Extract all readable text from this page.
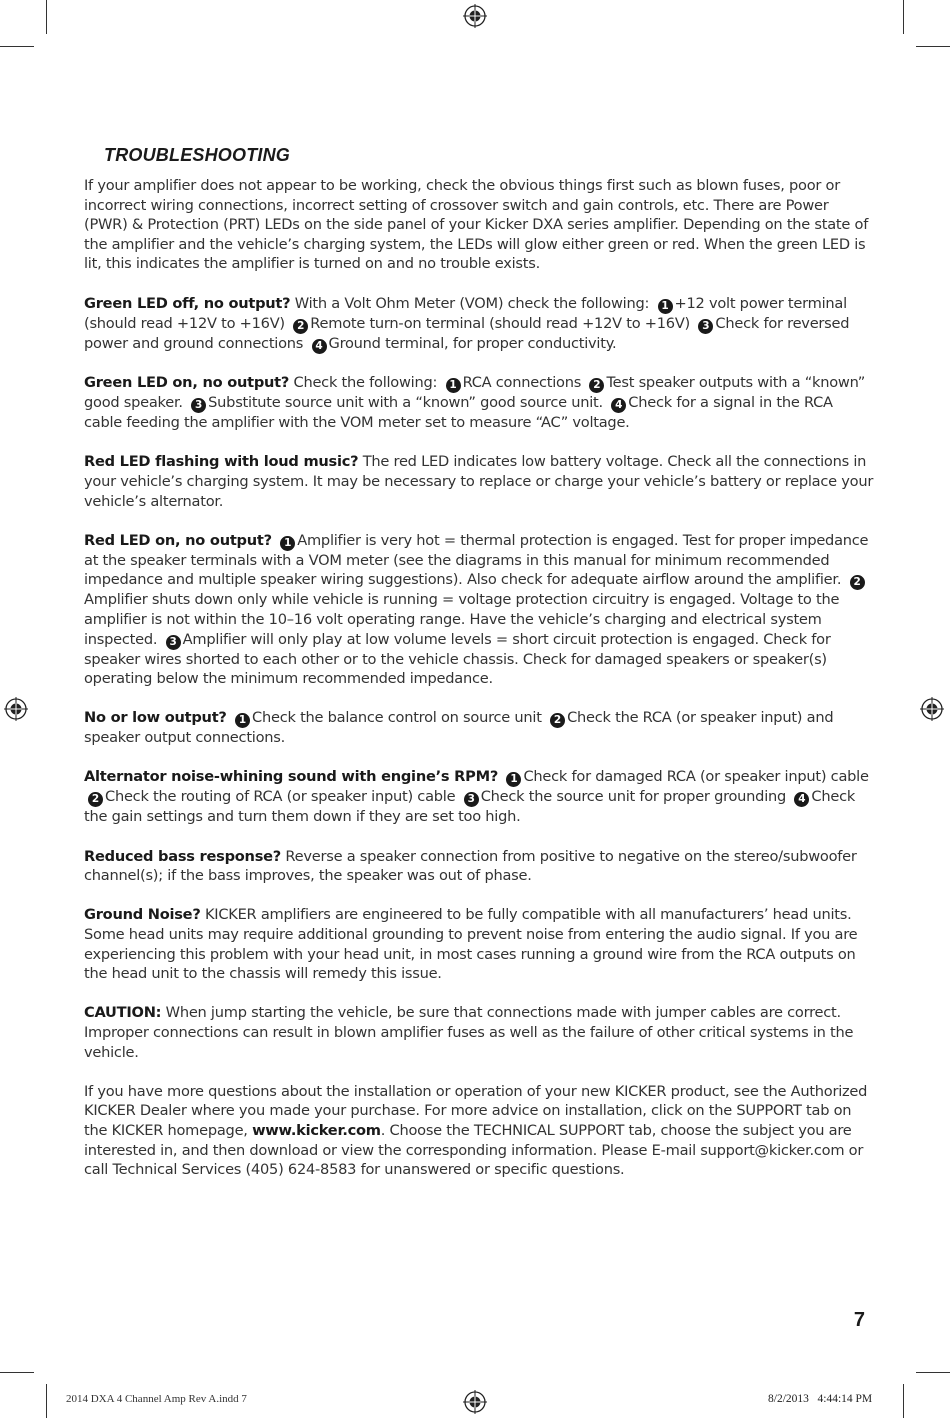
TROUBLESHOOTING

If your amplifier does not appear to be working, check the obvious things first such as blown fuses, poor or incorrect wiring connections, incorrect setting of crossover switch and gain controls, etc. There are Power (PWR) & Protection (PRT) LEDs on the side panel of your Kicker DXA series amplifier. Depending on the state of the amplifier and the vehicle’s charging system, the LEDs will glow either green or red. When the green LED is lit, this indicates the amplifier is turned on and no trouble exists.

Green LED off, no output? With a Volt Ohm Meter (VOM) check the following: 1 +12 volt power terminal (should read +12V to +16V) 2 Remote turn-on terminal (should read +12V to +16V) 3 Check for reversed power and ground connections 4 Ground terminal, for proper conductivity.

Green LED on, no output? Check the following: 1 RCA connections 2 Test speaker outputs with a “known” good speaker. 3 Substitute source unit with a “known” good source unit. 4 Check for a signal in the RCA cable feeding the amplifier with the VOM meter set to measure “AC” voltage.

Red LED flashing with loud music? The red LED indicates low battery voltage. Check all the connections in your vehicle’s charging system. It may be necessary to replace or charge your vehicle’s battery or replace your vehicle’s alternator.

Red LED on, no output? 1 Amplifier is very hot = thermal protection is engaged. Test for proper impedance at the speaker terminals with a VOM meter (see the diagrams in this manual for minimum recommended impedance and multiple speaker wiring suggestions). Also check for adequate airflow around the amplifier. 2Amplifier shuts down only while vehicle is running = voltage protection circuitry is engaged. Voltage to the amplifier is not within the 10–16 volt operating range. Have the vehicle’s charging and electrical system inspected. 3 Amplifier will only play at low volume levels = short circuit protection is engaged. Check for speaker wires shorted to each other or to the vehicle chassis. Check for damaged speakers or speaker(s) operating below the minimum recommended impedance.

No or low output? 1 Check the balance control on source unit 2 Check the RCA (or speaker input) and speaker output connections.

Alternator noise-whining sound with engine’s RPM? 1 Check for damaged RCA (or speaker input) cable 2 Check the routing of RCA (or speaker input) cable 3 Check the source unit for proper grounding 4 Check the gain settings and turn them down if they are set too high.

Reduced bass response? Reverse a speaker connection from positive to negative on the stereo/subwoofer channel(s); if the bass improves, the speaker was out of phase.

Ground Noise? KICKER amplifiers are engineered to be fully compatible with all manufacturers’ head units. Some head units may require additional grounding to prevent noise from entering the audio signal. If you are experiencing this problem with your head unit, in most cases running a ground wire from the RCA outputs on the head unit to the chassis will remedy this issue.

CAUTION: When jump starting the vehicle, be sure that connections made with jumper cables are correct. Improper connections can result in blown amplifier fuses as well as the failure of other critical systems in the vehicle.

If you have more questions about the installation or operation of your new KICKER product, see the Authorized KICKER Dealer where you made your purchase. For more advice on installation, click on the SUPPORT tab on the KICKER homepage, www.kicker.com. Choose the TECHNICAL SUPPORT tab, choose the subject you are interested in, and then download or view the corresponding information. Please E-mail support@kicker.com or call Technical Services (405) 624-8583 for unanswered or specific questions.

7
2014 DXA 4 Channel Amp Rev A.indd 7	8/2/2013 4:44:14 PM
